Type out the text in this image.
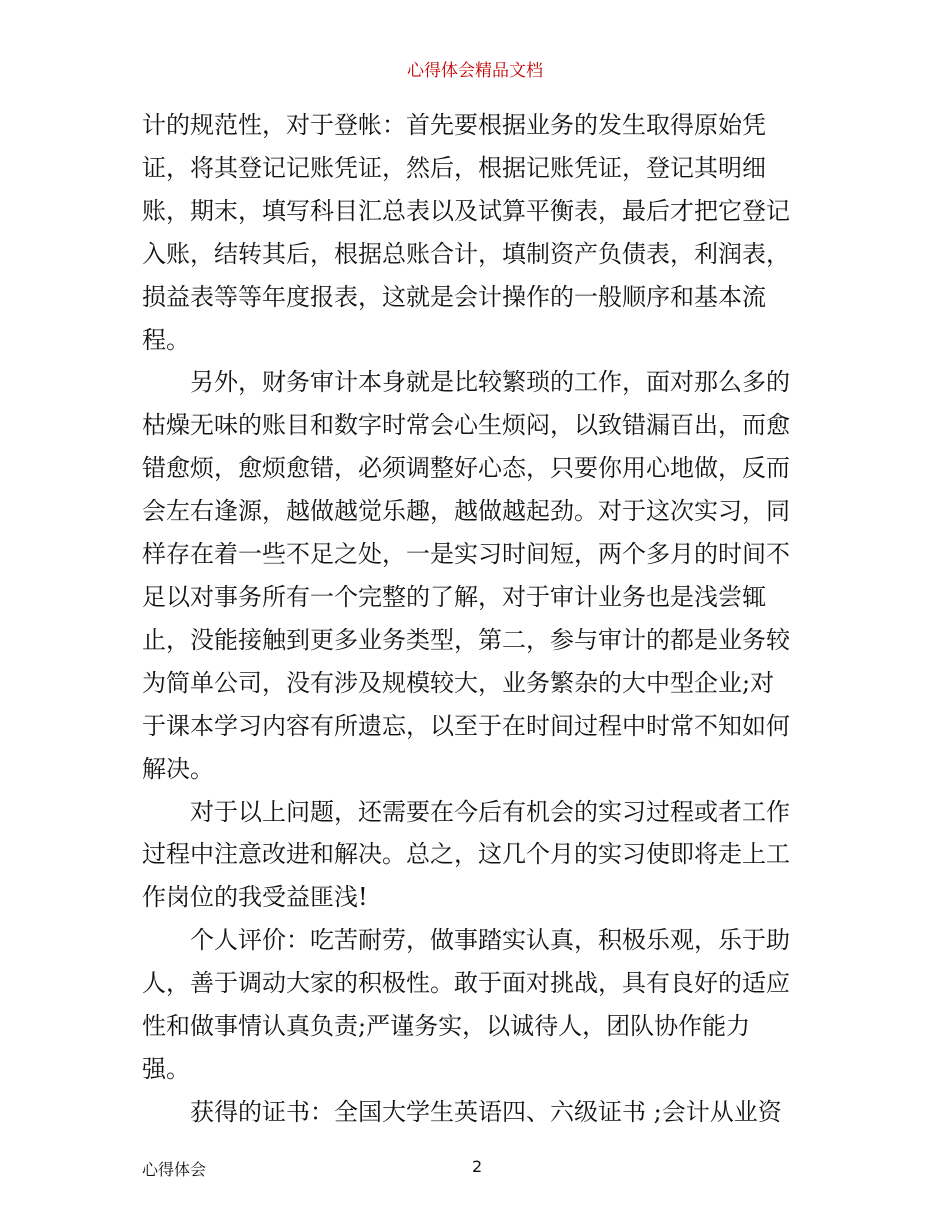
心得体会精品文档
计的规范性，对于登帐：首先要根据业务的发生取得原始凭
证，将其登记记账凭证，然后，根据记账凭证，登记其明细
账，期末，填写科目汇总表以及试算平衡表，最后才把它登记
入账，结转其后，根据总账合计，填制资产负债表，利润表，
损益表等等年度报表，这就是会计操作的一般顺序和基本流
程。
另外，财务审计本身就是比较繁琐的工作，面对那么多的
枯燥无味的账目和数字时常会心生烦闷，以致错漏百出，而愈
错愈烦，愈烦愈错，必须调整好心态，只要你用心地做，反而
会左右逢源，越做越觉乐趣，越做越起劲。对于这次实习，同
样存在着一些不足之处，一是实习时间短，两个多月的时间不
足以对事务所有一个完整的了解，对于审计业务也是浅尝辄
止，没能接触到更多业务类型，第二，参与审计的都是业务较
为简单公司，没有涉及规模较大，业务繁杂的大中型企业;对
于课本学习内容有所遗忘，以至于在时间过程中时常不知如何
解决。
对于以上问题，还需要在今后有机会的实习过程或者工作
过程中注意改进和解决。总之，这几个月的实习使即将走上工
作岗位的我受益匪浅!
个人评价：吃苦耐劳，做事踏实认真，积极乐观，乐于助
人，善于调动大家的积极性。敢于面对挑战，具有良好的适应
性和做事情认真负责;严谨务实，以诚待人，团队协作能力
强。
获得的证书：全国大学生英语四、六级证书 ;会计从业资
心得体会	2
